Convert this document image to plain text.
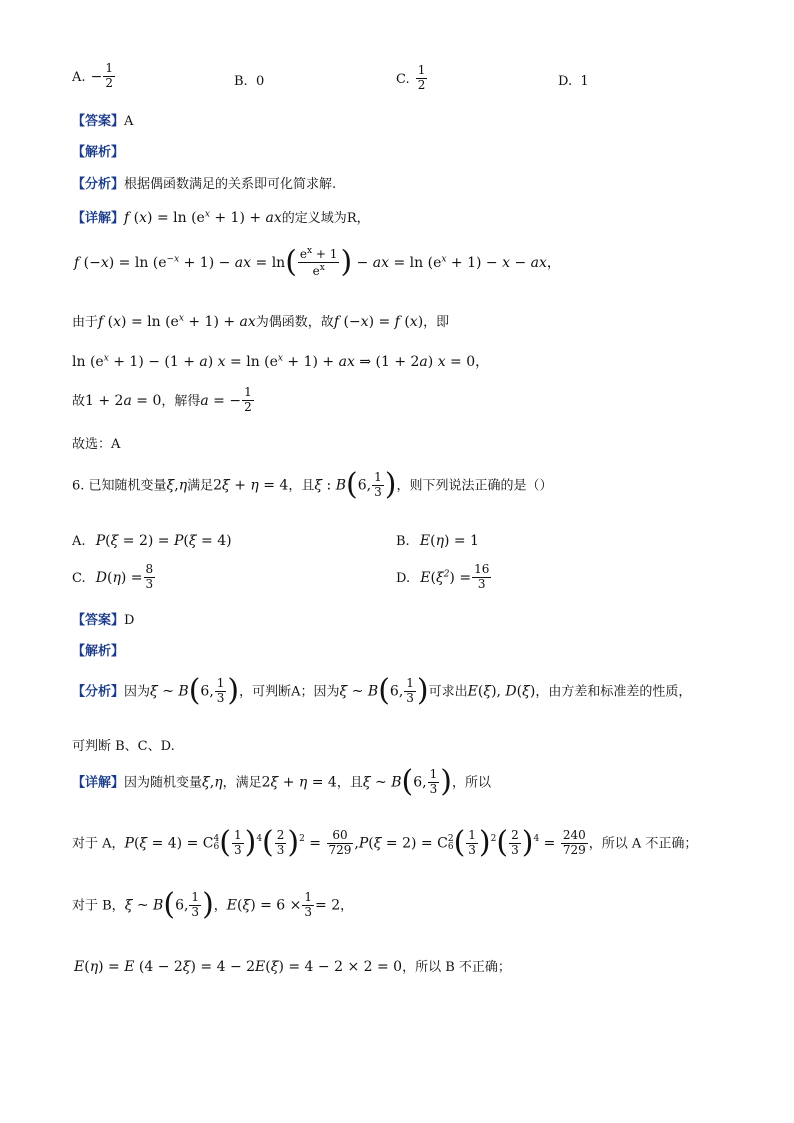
A. − $\frac{1}{2}$	B.  0	C. $\frac{1}{2}$	D.  1
【答案】A
【解析】
【分析】根据偶函数满足的关系即可化简求解.
【详解】f $(x) = \ln (e^x + 1)$ + ax的定义域为R，
f $(-x) = \ln (e^{-x} + 1)$ − ax = $\ln( \frac{e^x + 1}{e^x}$ ) − ax = $\ln (e^x + 1) - x$ − ax，
由于f $(x) = \ln (e^x + 1)$ + ax为偶函数，故f (−x) = f (x)，即
$\ln (e^x + 1) - (1 + a) x = \ln (e^x + 1)$ + ax ⇒ (1 + 2a) x = 0，
故1 + 2a = 0，解得a = − $\frac{1}{2}$
故选：A
6. 已知随机变量ξ,η满足2ξ + η = 4，且ξ : B(6, $\frac{1}{3}$ )，则下列说法正确的是（）
A. P(ξ = 2) = P(ξ = 4)	B. E(η) = 1
C. $D(\eta) = \frac{8}{3}$	D. $E(\xi^2) = \frac{16}{3}$
【答案】D
【解析】
【分析】因为ξ ~ B(6, $\frac{1}{3}$ )，可判断A；因为ξ ~ B(6, $\frac{1}{3}$ )可求出E(ξ), D(ξ)，由方差和标准差的性质，
可判断 B、C、D.
【详解】因为随机变量ξ,η，满足2ξ + η = 4，且ξ ~ B(6, $\frac{1}{3}$ )，所以
对于 A，P(ξ = 4) = C 4
6 ( $\frac{1}{3} )^4( \frac{2}{3} )^2 = \frac{60}{729} ,P(\xi = 2) = C$ 2
6 ( $\frac{1}{3} )^2( \frac{2}{3} )^4 = \frac{240}{729}$ ，所以 A 不正确；
对于 B，ξ ~ B(6, $\frac{1}{3}$ )，$E(\xi) = 6 \times \frac{1}{3} = 2$，
E(η) = E (4 − 2ξ) = 4 − 2E(ξ) = 4 − 2 × 2 = 0，所以 B 不正确；
